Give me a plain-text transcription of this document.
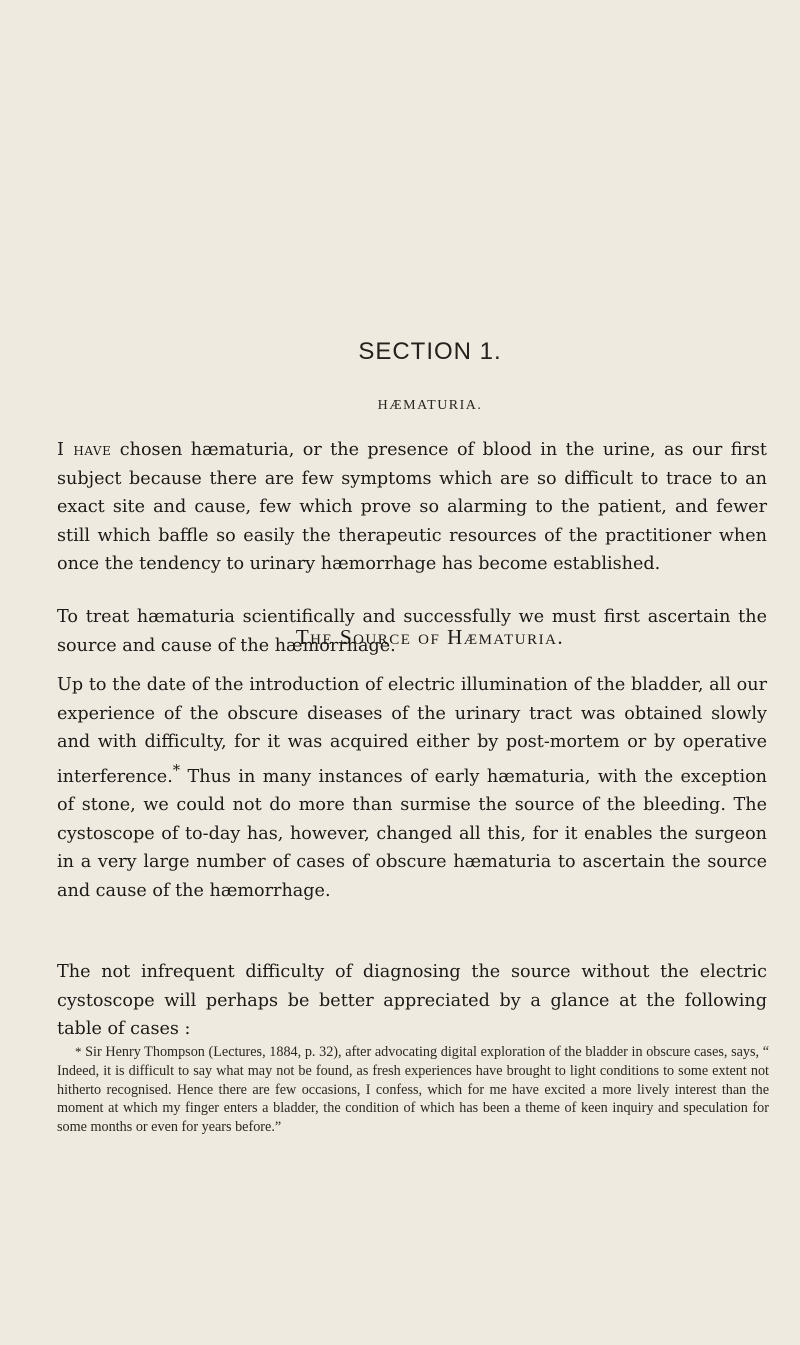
SECTION 1.
HÆMATURIA.

I have chosen hæmaturia, or the presence of blood in the urine, as our first subject because there are few symptoms which are so difficult to trace to an exact site and cause, few which prove so alarming to the patient, and fewer still which baffle so easily the therapeutic resources of the practitioner when once the tendency to urinary hæmorrhage has become established.

To treat hæmaturia scientifically and successfully we must first ascertain the source and cause of the hæmorrhage.

The Source of Hæmaturia.

Up to the date of the introduction of electric illumination of the bladder, all our experience of the obscure diseases of the urinary tract was obtained slowly and with difficulty, for it was acquired either by post-mortem or by operative interference.* Thus in many instances of early hæmaturia, with the exception of stone, we could not do more than surmise the source of the bleeding. The cystoscope of to-day has, however, changed all this, for it enables the surgeon in a very large number of cases of obscure hæmaturia to ascertain the source and cause of the hæmorrhage.

The not infrequent difficulty of diagnosing the source without the electric cystoscope will perhaps be better appreciated by a glance at the following table of cases :

* Sir Henry Thompson (Lectures, 1884, p. 32), after advocating digital exploration of the bladder in obscure cases, says, “ Indeed, it is difficult to say what may not be found, as fresh experiences have brought to light conditions to some extent not hitherto recognised. Hence there are few occasions, I confess, which for me have excited a more lively interest than the moment at which my finger enters a bladder, the condition of which has been a theme of keen inquiry and speculation for some months or even for years before.”
